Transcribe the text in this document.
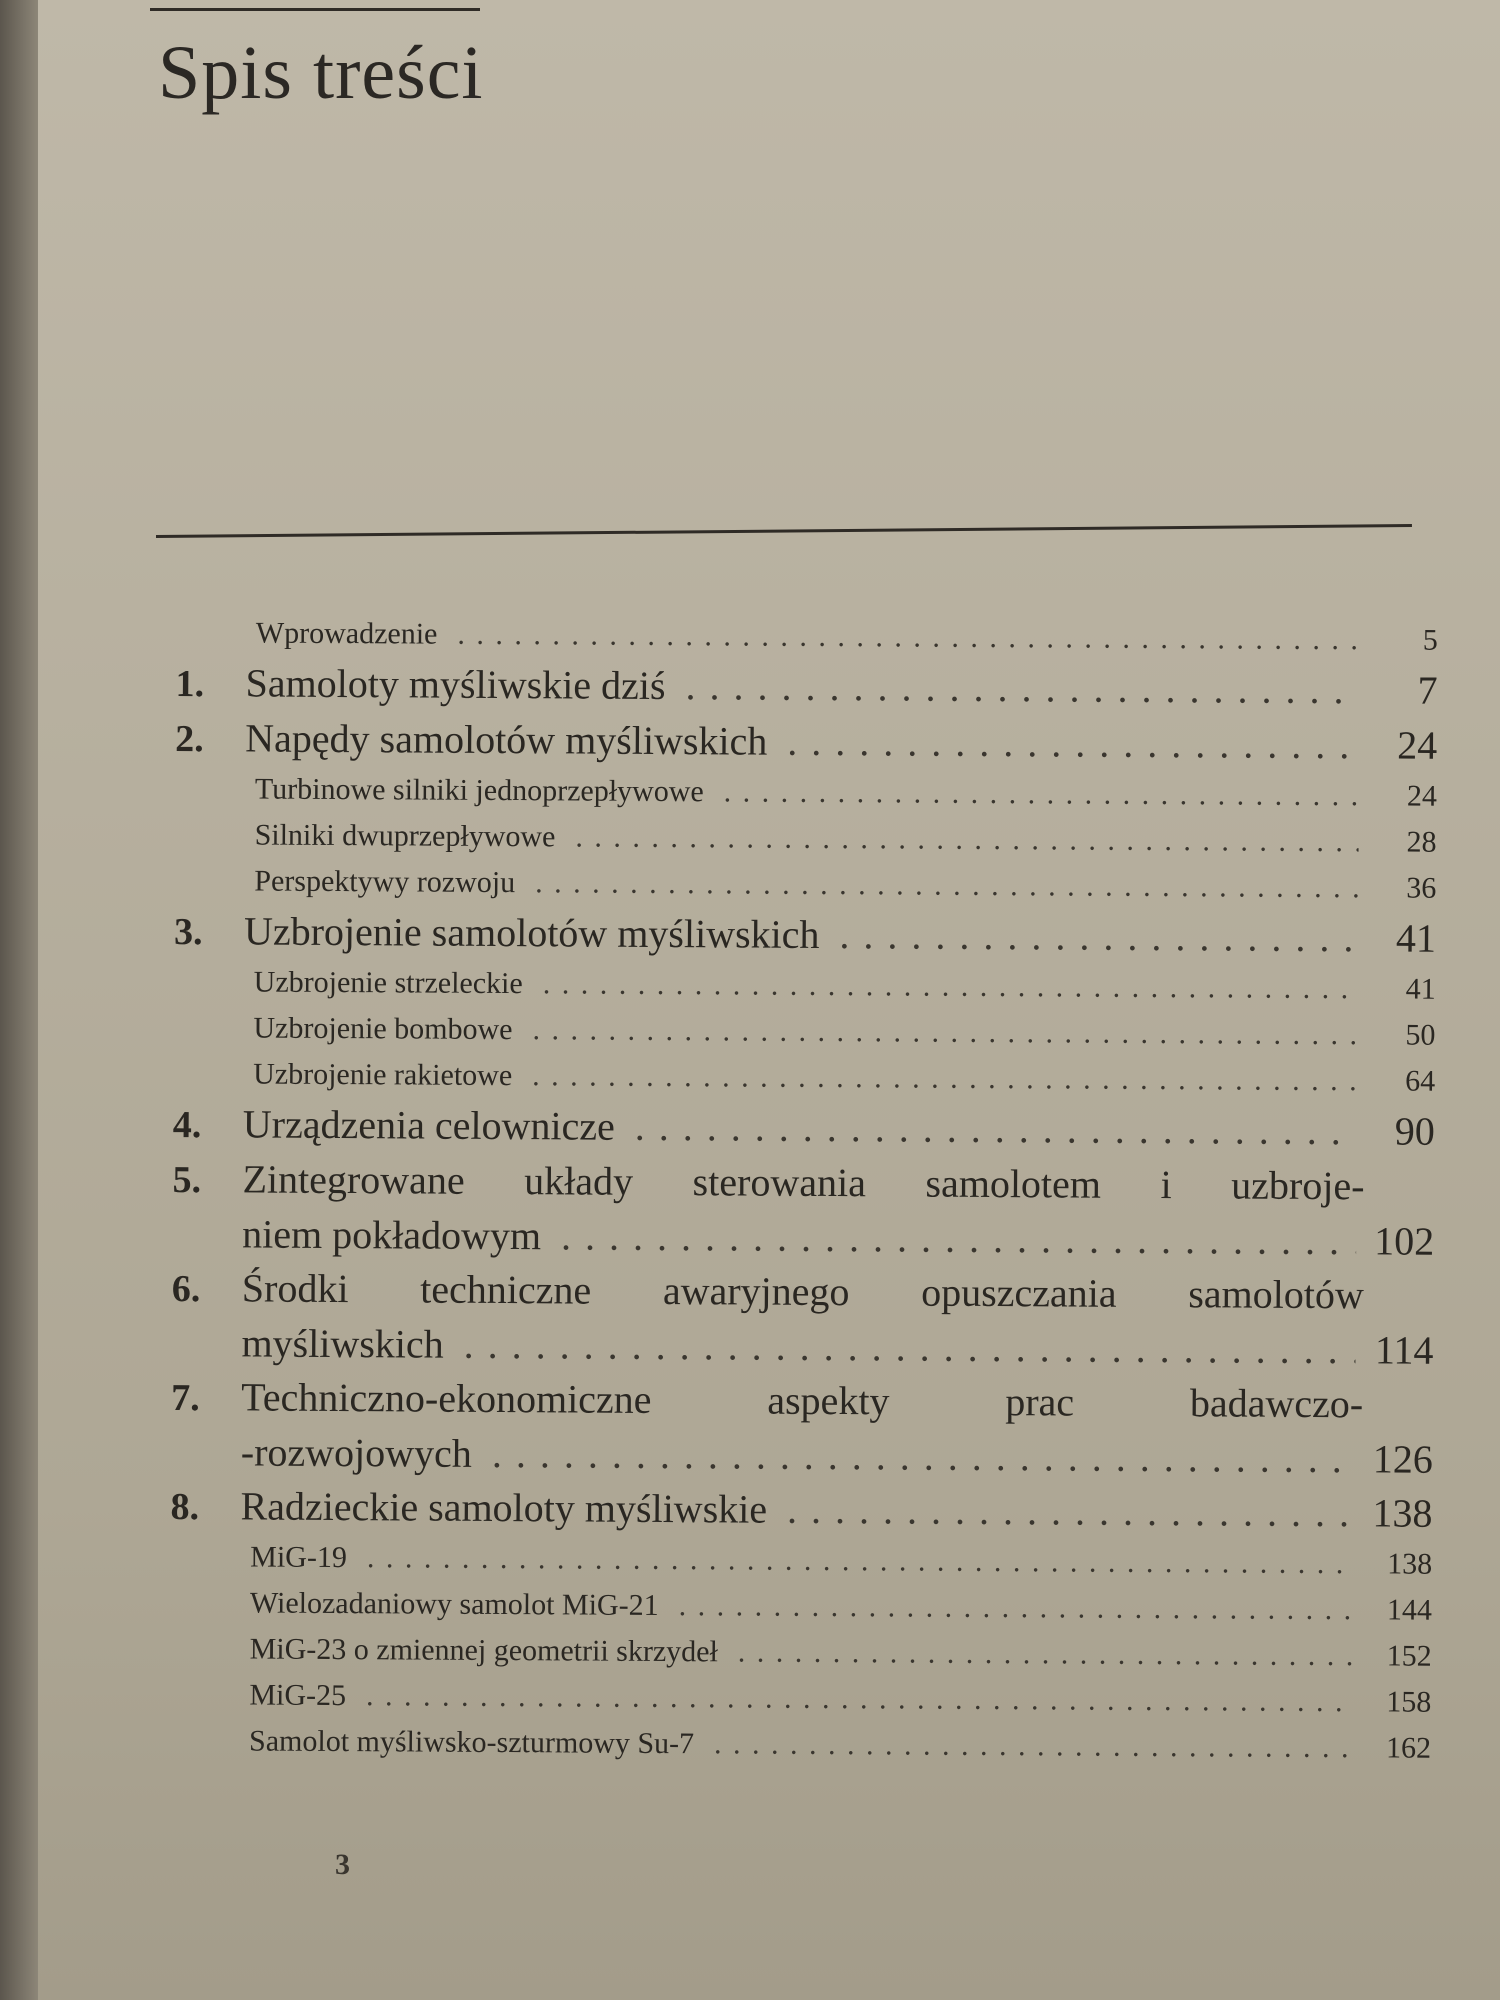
Spis treści
Wprowadzenie . .	5
1.	Samoloty myśliwskie dziś . .	7
2.	Napędy samolotów myśliwskich . .	24
Turbinowe silniki jednoprzepływowe . .	24
Silniki dwuprzepływowe . .	28
Perspektywy rozwoju . .	36
3.	Uzbrojenie samolotów myśliwskich . .	41
Uzbrojenie strzeleckie . .	41
Uzbrojenie bombowe . .	50
Uzbrojenie rakietowe . .	64
4.	Urządzenia celownicze . .	90
5.	Zintegrowane układy sterowania samolotem i uzbroje-
niem pokładowym . .	102
6.	Środki techniczne awaryjnego opuszczania samolotów
myśliwskich . .	114
7.	Techniczno-ekonomiczne aspekty prac badawczo-
-rozwojowych . .	126
8.	Radzieckie samoloty myśliwskie . .	138
MiG-19 . .	138
Wielozadaniowy samolot MiG-21 . .	144
MiG-23 o zmiennej geometrii skrzydeł . .	152
MiG-25 . .	158
Samolot myśliwsko-szturmowy Su-7 . .	162
3
